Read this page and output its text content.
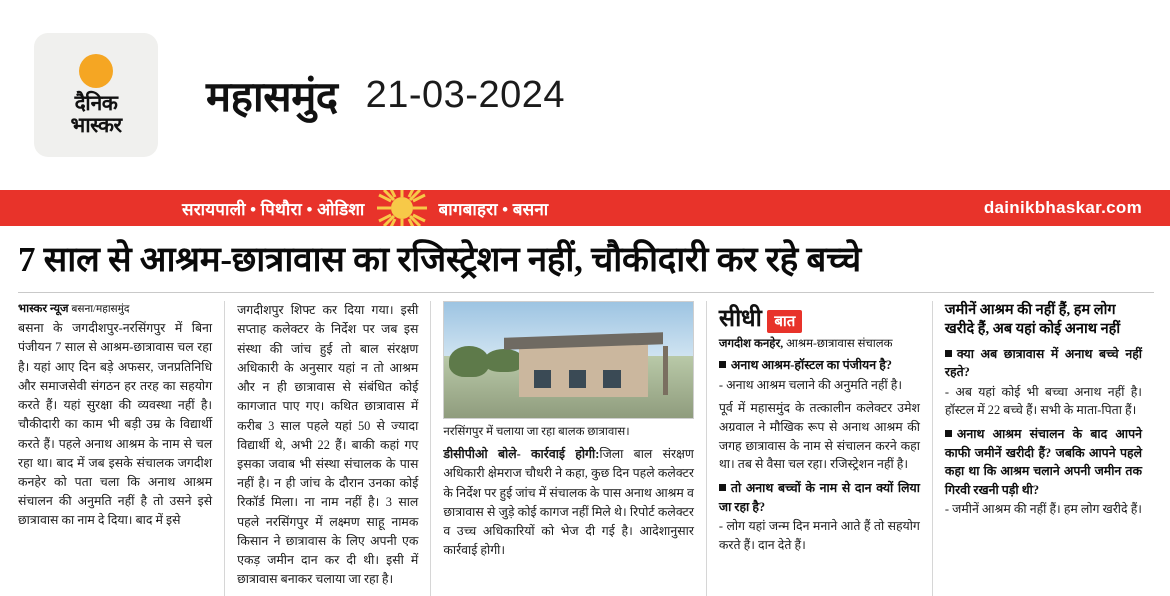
दैनिक
भास्कर
महासमुंद 21-03-2024
सरायपाली • पिथौरा • ओडिशा	बागबाहरा • बसना	dainikbhaskar.com
7 साल से आश्रम-छात्रावास का रजिस्ट्रेशन नहीं, चौकीदारी कर रहे बच्चे
भास्कर न्यूज बसना/महासमुंद

बसना के जगदीशपुर-नरसिंगपुर में बिना पंजीयन 7 साल से आश्रम-छात्रावास चल रहा है। यहां आए दिन बड़े अफसर, जनप्रतिनिधि और समाजसेवी संगठन हर तरह का सहयोग करते हैं। यहां सुरक्षा की व्यवस्था नहीं है। चौकीदारी का काम भी बड़ी उम्र के विद्यार्थी करते हैं। पहले अनाथ आश्रम के नाम से चल रहा था। बाद में जब इसके संचालक जगदीश कनहेर को पता चला कि अनाथ आश्रम संचालन की अनुमति नहीं है तो उसने इसे छात्रावास का नाम दे दिया। बाद में इसे

जगदीशपुर शिफ्ट कर दिया गया। इसी सप्ताह कलेक्टर के निर्देश पर जब इस संस्था की जांच हुई तो बाल संरक्षण अधिकारी के अनुसार यहां न तो आश्रम और न ही छात्रावास से संबंधित कोई कागजात पाए गए। कथित छात्रावास में करीब 3 साल पहले यहां 50 से ज्यादा विद्यार्थी थे, अभी 22 हैं। बाकी कहां गए इसका जवाब भी संस्था संचालक के पास नहीं है। न ही जांच के दौरान उनका कोई रिकॉर्ड मिला। ना नाम नहीं है। 3 साल पहले नरसिंगपुर में लक्ष्मण साहू नामक किसान ने छात्रावास के लिए अपनी एक एकड़ जमीन दान कर दी थी। इसी में छात्रावास बनाकर चलाया जा रहा है।

नरसिंगपुर में चलाया जा रहा बालक छात्रावास।

डीसीपीओ बोले- कार्रवाई होगी:जिला बाल संरक्षण अधिकारी क्षेमराज चौधरी ने कहा, कुछ दिन पहले कलेक्टर के निर्देश पर हुई जांच में संचालक के पास अनाथ आश्रम व छात्रावास से जुड़े कोई कागज नहीं मिले थे। रिपोर्ट कलेक्टर व उच्च अधिकारियों को भेज दी गई है। आदेशानुसार कार्रवाई होगी।

सीधी बात
जगदीश कनहेर, आश्रम-छात्रावास संचालक

अनाथ आश्रम-हॉस्टल का पंजीयन है?

- अनाथ आश्रम चलाने की अनुमति नहीं है।

पूर्व में महासमुंद के तत्कालीन कलेक्टर उमेश अग्रवाल ने मौखिक रूप से अनाथ आश्रम की जगह छात्रावास के नाम से संचालन करने कहा था। तब से वैसा चल रहा। रजिस्ट्रेशन नहीं है।

तो अनाथ बच्चों के नाम से दान क्यों लिया जा रहा है?

- लोग यहां जन्म दिन मनाने आते हैं तो सहयोग करते हैं। दान देते हैं।

जमीनें आश्रम की नहीं हैं, हम लोग खरीदे हैं, अब यहां कोई अनाथ नहीं

क्या अब छात्रावास में अनाथ बच्चे नहीं रहते?

- अब यहां कोई भी बच्चा अनाथ नहीं है। हॉस्टल में 22 बच्चे हैं। सभी के माता-पिता हैं।

अनाथ आश्रम संचालन के बाद आपने काफी जमीनें खरीदी हैं? जबकि आपने पहले कहा था कि आश्रम चलाने अपनी जमीन तक गिरवी रखनी पड़ी थी?

- जमीनें आश्रम की नहीं हैं। हम लोग खरीदे हैं।
